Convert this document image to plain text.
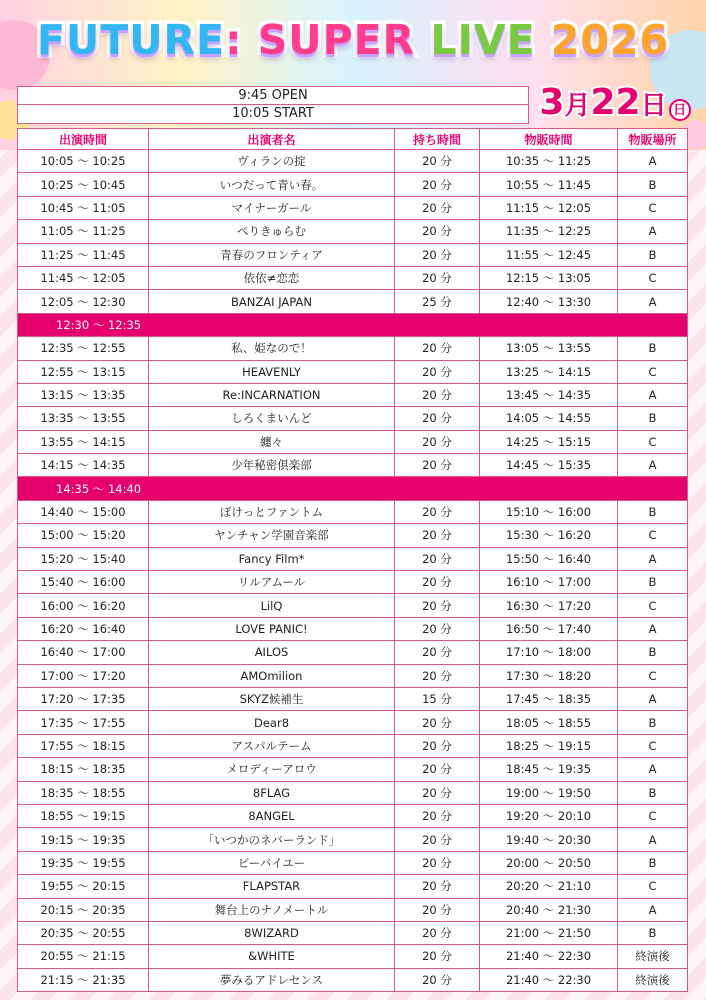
FUTURE: SUPER LIVE 2026
9:45 OPEN
10:05 START	3 月 22 日 日
出演時間	出演者名	持ち時間	物販時間	物販場所
10:05 ～ 10:25	ヴィランの掟	20 分	10:35 ～ 11:25	A
10:25 ～ 10:45	いつだって青い春。	20 分	10:55 ～ 11:45	B
10:45 ～ 11:05	マイナーガール	20 分	11:15 ～ 12:05	C
11:05 ～ 11:25	ぺりきゅらむ	20 分	11:35 ～ 12:25	A
11:25 ～ 11:45	青春のフロンティア	20 分	11:55 ～ 12:45	B
11:45 ～ 12:05	依依≠恋恋	20 分	12:15 ～ 13:05	C
12:05 ～ 12:30	BANZAI JAPAN	25 分	12:40 ～ 13:30	A
12:30 ～ 12:35				
12:35 ～ 12:55	私、姫なので！	20 分	13:05 ～ 13:55	B
12:55 ～ 13:15	HEAVENLY	20 分	13:25 ～ 14:15	C
13:15 ～ 13:35	Re:INCARNATION	20 分	13:45 ～ 14:35	A
13:35 ～ 13:55	しろくまいんど	20 分	14:05 ～ 14:55	B
13:55 ～ 14:15	纏々	20 分	14:25 ～ 15:15	C
14:15 ～ 14:35	少年秘密倶楽部	20 分	14:45 ～ 15:35	A
14:35 ～ 14:40				
14:40 ～ 15:00	ぼけっとファントム	20 分	15:10 ～ 16:00	B
15:00 ～ 15:20	ヤンチャン学園音楽部	20 分	15:30 ～ 16:20	C
15:20 ～ 15:40	Fancy Film*	20 分	15:50 ～ 16:40	A
15:40 ～ 16:00	リルアムール	20 分	16:10 ～ 17:00	B
16:00 ～ 16:20	LilQ	20 分	16:30 ～ 17:20	C
16:20 ～ 16:40	LOVE PANIC!	20 分	16:50 ～ 17:40	A
16:40 ～ 17:00	AILOS	20 分	17:10 ～ 18:00	B
17:00 ～ 17:20	AMOmilion	20 分	17:30 ～ 18:20	C
17:20 ～ 17:35	SKYZ候補生	15 分	17:45 ～ 18:35	A
17:35 ～ 17:55	Dear8	20 分	18:05 ～ 18:55	B
17:55 ～ 18:15	アスパルテーム	20 分	18:25 ～ 19:15	C
18:15 ～ 18:35	メロディーアロウ	20 分	18:45 ～ 19:35	A
18:35 ～ 18:55	8FLAG	20 分	19:00 ～ 19:50	B
18:55 ～ 19:15	8ANGEL	20 分	19:20 ～ 20:10	C
19:15 ～ 19:35	「いつかのネバーランド」	20 分	19:40 ～ 20:30	A
19:35 ～ 19:55	ビーバイユー	20 分	20:00 ～ 20:50	B
19:55 ～ 20:15	FLAPSTAR	20 分	20:20 ～ 21:10	C
20:15 ～ 20:35	舞台上のナノメートル	20 分	20:40 ～ 21:30	A
20:35 ～ 20:55	8WIZARD	20 分	21:00 ～ 21:50	B
20:55 ～ 21:15	&WHITE	20 分	21:40 ～ 22:30	終演後
21:15 ～ 21:35	夢みるアドレセンス	20 分	21:40 ～ 22:30	終演後
